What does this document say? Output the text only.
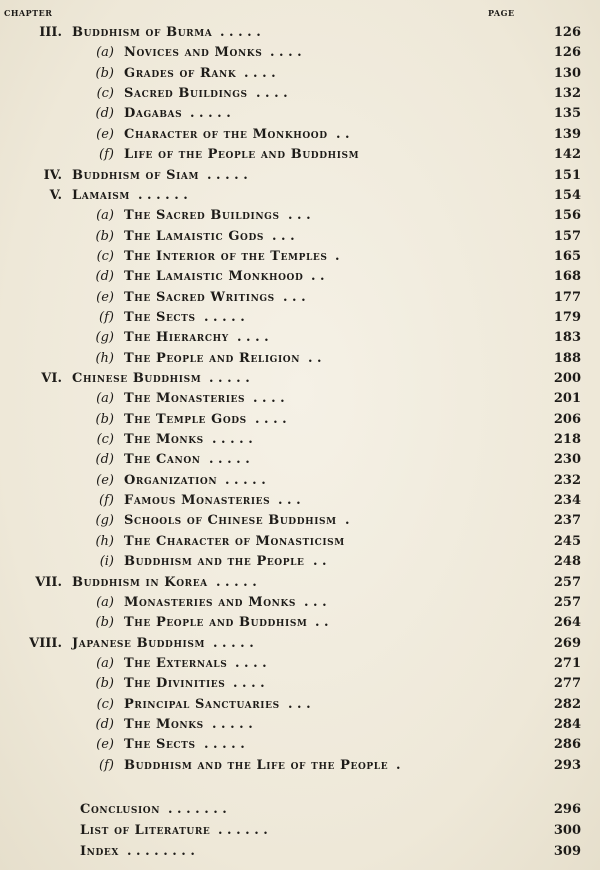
CHAPTER	PAGE
III. Buddhism of Burma . . . . .	126
(a) Novices and Monks . . . .	126
(b) Grades of Rank . . . .	130
(c) Sacred Buildings . . . .	132
(d) Dagabas . . . . .	135
(e) Character of the Monkhood . .	139
(f) Life of the People and Buddhism	142
IV. Buddhism of Siam . . . . .	151
V. Lamaism . . . . . .	154
(a) The Sacred Buildings . . .	156
(b) The Lamaistic Gods . . .	157
(c) The Interior of the Temples .	165
(d) The Lamaistic Monkhood . .	168
(e) The Sacred Writings . . .	177
(f) The Sects . . . . .	179
(g) The Hierarchy . . . .	183
(h) The People and Religion . .	188
VI. Chinese Buddhism . . . . .	200
(a) The Monasteries . . . .	201
(b) The Temple Gods . . . .	206
(c) The Monks . . . . .	218
(d) The Canon . . . . .	230
(e) Organization . . . . .	232
(f) Famous Monasteries . . .	234
(g) Schools of Chinese Buddhism .	237
(h) The Character of Monasticism	245
(i) Buddhism and the People . .	248
VII. Buddhism in Korea . . . . .	257
(a) Monasteries and Monks . . .	257
(b) The People and Buddhism . .	264
VIII. Japanese Buddhism . . . . .	269
(a) The Externals . . . .	271
(b) The Divinities . . . .	277
(c) Principal Sanctuaries . . .	282
(d) The Monks . . . . .	284
(e) The Sects . . . . .	286
(f) Buddhism and the Life of the People .	293
Conclusion . . . . . . .	296
List of Literature . . . . . .	300
Index . . . . . . . .	309
